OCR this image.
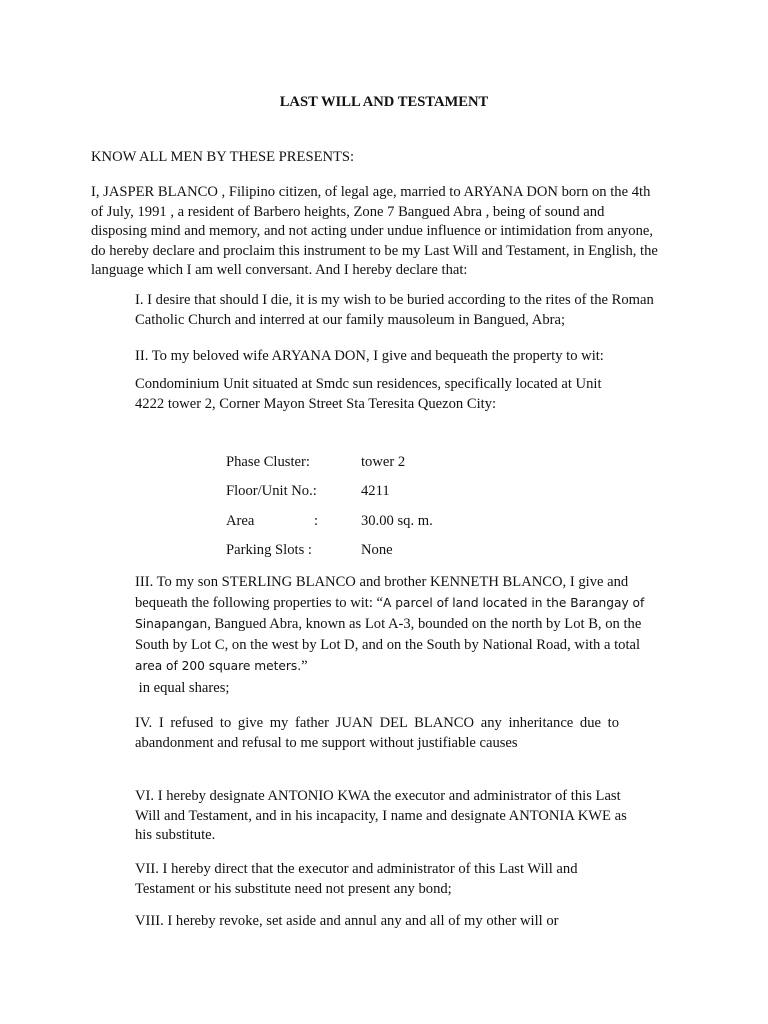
LAST WILL AND TESTAMENT

KNOW ALL MEN BY THESE PRESENTS:

I, JASPER BLANCO , Filipino citizen, of legal age, married to ARYANA DON born on the 4th
of July, 1991 , a resident of Barbero heights, Zone 7 Bangued Abra , being of sound and
disposing mind and memory, and not acting under undue influence or intimidation from anyone,
do hereby declare and proclaim this instrument to be my Last Will and Testament, in English, the
language which I am well conversant. And I hereby declare that:

I. I desire that should I die, it is my wish to be buried according to the rites of the Roman
Catholic Church and interred at our family mausoleum in Bangued, Abra;

II. To my beloved wife ARYANA DON, I give and bequeath the property to wit:

Condominium Unit situated at Smdc sun residences, specifically located at Unit
4222 tower 2, Corner Mayon Street Sta Teresita Quezon City:

Phase Cluster:	tower 2
Floor/Unit No.:	4211
Area	:	30.00 sq. m.
Parking Slots :	None

III. To my son STERLING BLANCO and brother KENNETH BLANCO, I give and
bequeath the following properties to wit: “A parcel of land located in the Barangay of
Sinapangan, Bangued Abra, known as Lot A-3, bounded on the north by Lot B, on the
South by Lot C, on the west by Lot D, and on the South by National Road, with a total
area of 200 square meters.”

in equal shares;

IV. I refused to give my father JUAN DEL BLANCO any inheritance due to
abandonment and refusal to me support without justifiable causes

VI. I hereby designate ANTONIO KWA the executor and administrator of this Last
Will and Testament, and in his incapacity, I name and designate ANTONIA KWE as
his substitute.

VII. I hereby direct that the executor and administrator of this Last Will and
Testament or his substitute need not present any bond;

VIII. I hereby revoke, set aside and annul any and all of my other will or
